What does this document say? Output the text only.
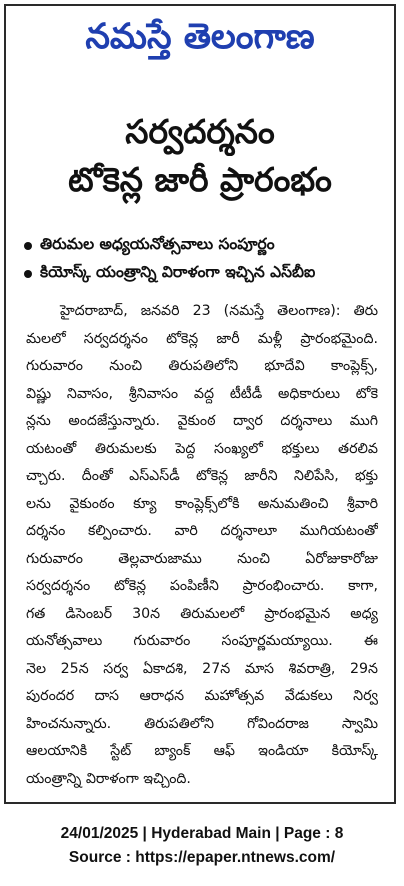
నమస్తే తెలంగాణ
సర్వదర్శనం
టోకెన్ల జారీ ప్రారంభం
తిరుమల అధ్యయనోత్సవాలు సంపూర్ణం
కియోస్క్ యంత్రాన్ని విరాళంగా ఇచ్చిన ఎస్‌బీఐ
హైదరాబాద్, జనవరి 23 (నమస్తే తెలంగాణ): తిరు
మలలో సర్వదర్శనం టోకెన్ల జారీ మళ్లీ ప్రారంభమైంది.
గురువారం నుంచి తిరుపతిలోని భూదేవి కాంప్లెక్స్,
విష్ణు నివాసం, శ్రీనివాసం వద్ద టీటీడీ అధికారులు టోకె
న్లను అందజేస్తున్నారు. వైకుంఠ ద్వార దర్శనాలు ముగి
యటంతో తిరుమలకు పెద్ద సంఖ్యలో భక్తులు తరలివ
చ్చారు. దీంతో ఎస్‌ఎస్‌డీ టోకెన్ల జారీని నిలిపేసి, భక్తు
లను వైకుంఠం క్యూ కాంప్లెక్స్‌లోకి అనుమతించి శ్రీవారి
దర్శనం కల్పించారు. వారి దర్శనాలూ ముగియటంతో
గురువారం తెల్లవారుజాము నుంచి ఏరోజుకారోజు
సర్వదర్శనం టోకెన్ల పంపిణీని ప్రారంభించారు. కాగా,
గత డిసెంబర్ 30న తిరుమలలో ప్రారంభమైన అధ్య
యనోత్సవాలు గురువారం సంపూర్ణమయ్యాయి. ఈ
నెల 25న సర్వ ఏకాదశి, 27న మాస శివరాత్రి, 29న
పురందర దాస ఆరాధన మహోత్సవ వేడుకలు నిర్వ
హించనున్నారు. తిరుపతిలోని గోవిందరాజ స్వామి
ఆలయానికి స్టేట్ బ్యాంక్ ఆఫ్ ఇండియా కియోస్క్
యంత్రాన్ని విరాళంగా ఇచ్చింది.
24/01/2025 | Hyderabad Main | Page : 8
Source : https://epaper.ntnews.com/
